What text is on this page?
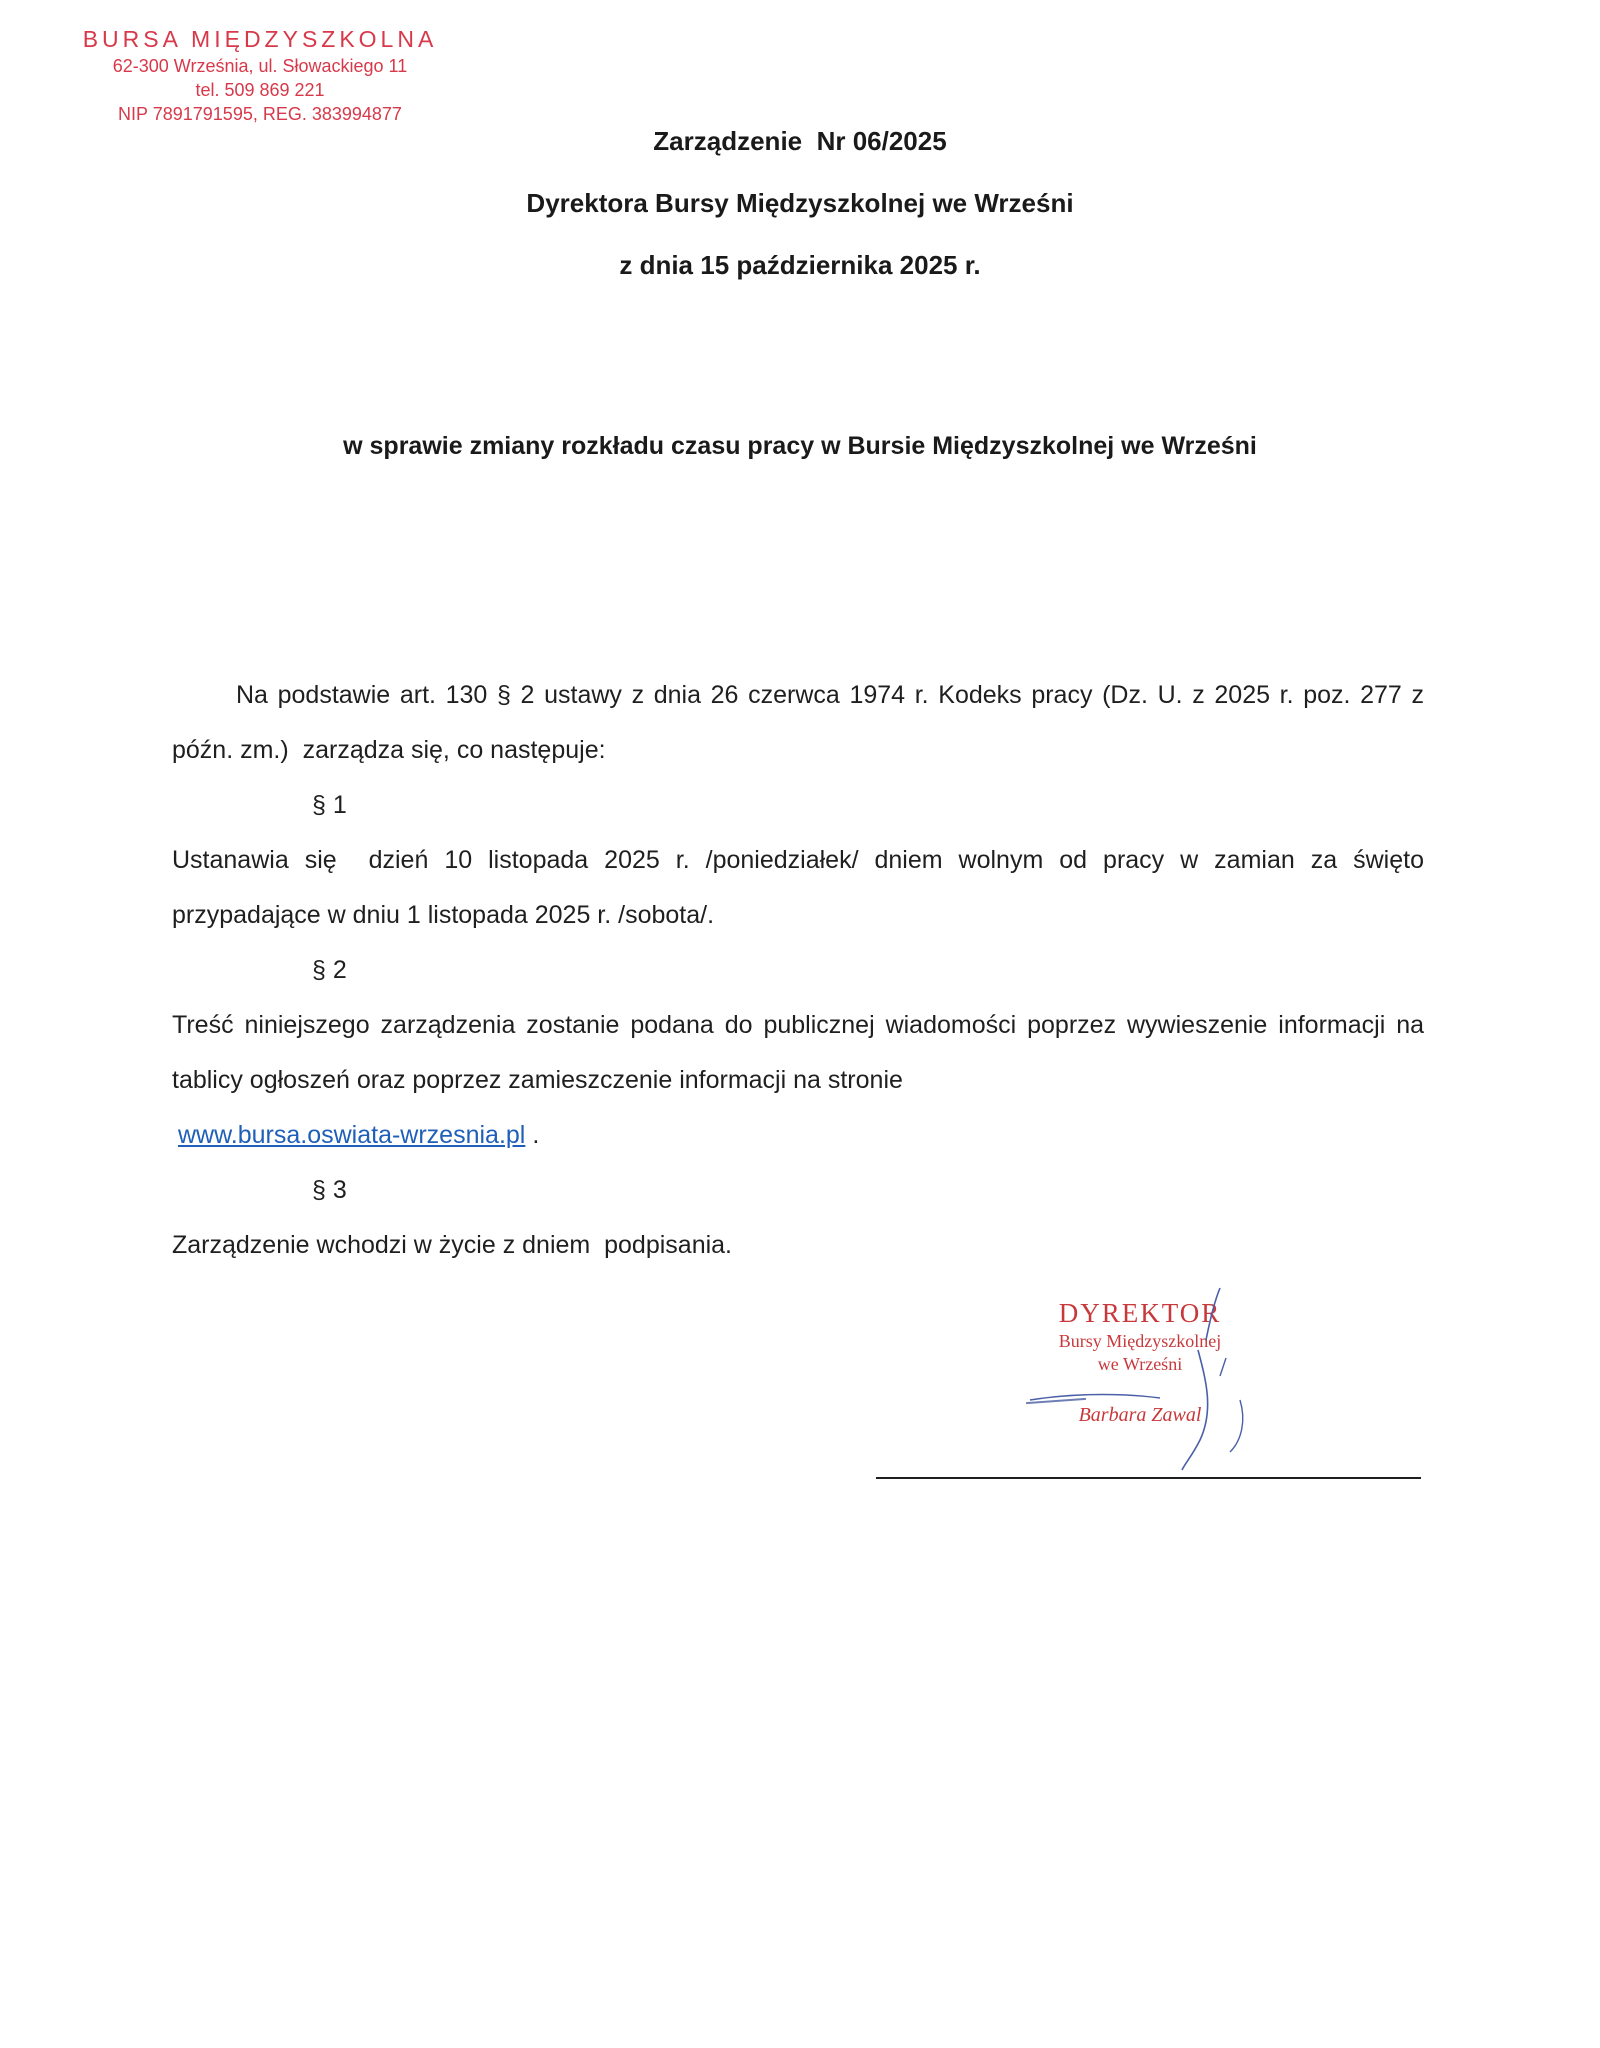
BURSA MIĘDZYSZKOLNA
62-300 Września, ul. Słowackiego 11
tel. 509 869 221
NIP 7891791595, REG. 383994877
Zarządzenie  Nr 06/2025
Dyrektora Bursy Międzyszkolnej we Wrześni
z dnia 15 października 2025 r.
w sprawie zmiany rozkładu czasu pracy w Bursie Międzyszkolnej we Wrześni

Na podstawie art. 130 § 2 ustawy z dnia 26 czerwca 1974 r. Kodeks pracy (Dz. U. z 2025 r. poz. 277 z późn. zm.)  zarządza się, co następuje:

§ 1

Ustanawia się  dzień 10 listopada 2025 r. /poniedziałek/ dniem wolnym od pracy w zamian za święto przypadające w dniu 1 listopada 2025 r. /sobota/.

§ 2

Treść niniejszego zarządzenia zostanie podana do publicznej wiadomości poprzez wywieszenie informacji na tablicy ogłoszeń oraz poprzez zamieszczenie informacji na stronie

www.bursa.oswiata-wrzesnia.pl .

§ 3

Zarządzenie wchodzi w życie z dniem  podpisania.

DYREKTOR
Bursy Międzyszkolnej
we Wrześni
Barbara Zawal
